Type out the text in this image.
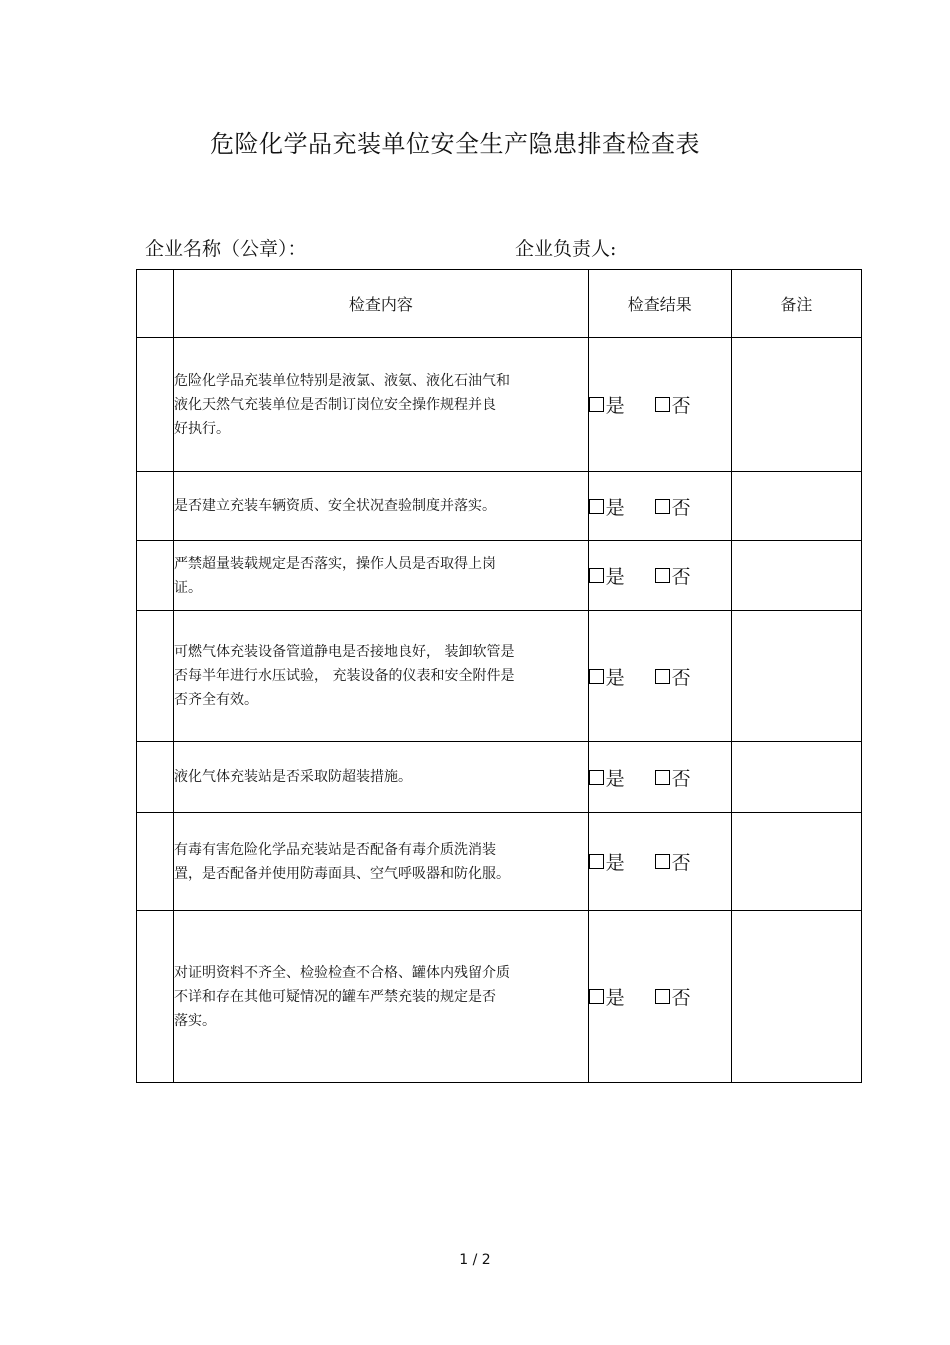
危险化学品充装单位安全生产隐患排查检查表
企业名称（公章）：	企业负责人:
	检查内容	检查结果	备注

	危险化学品充装单位特别是液氯、液氨、液化石油气和
液化天然气充装单位是否制订岗位安全操作规程并良
好执行。	是 否	

	是否建立充装车辆资质、安全状况查验制度并落实。	是 否	

	严禁超量装载规定是否落实，操作人员是否取得上岗
证。	是 否	

	可燃气体充装设备管道静电是否接地良好， 装卸软管是
否每半年进行水压试验， 充装设备的仪表和安全附件是
否齐全有效。	是 否	

	液化气体充装站是否采取防超装措施。	是 否	

	有毒有害危险化学品充装站是否配备有毒介质洗消装
置，是否配备并使用防毒面具、空气呼吸器和防化服。	是 否	

	对证明资料不齐全、检验检查不合格、罐体内残留介质
不详和存在其他可疑情况的罐车严禁充装的规定是否
落实。	是 否	

1 / 2
